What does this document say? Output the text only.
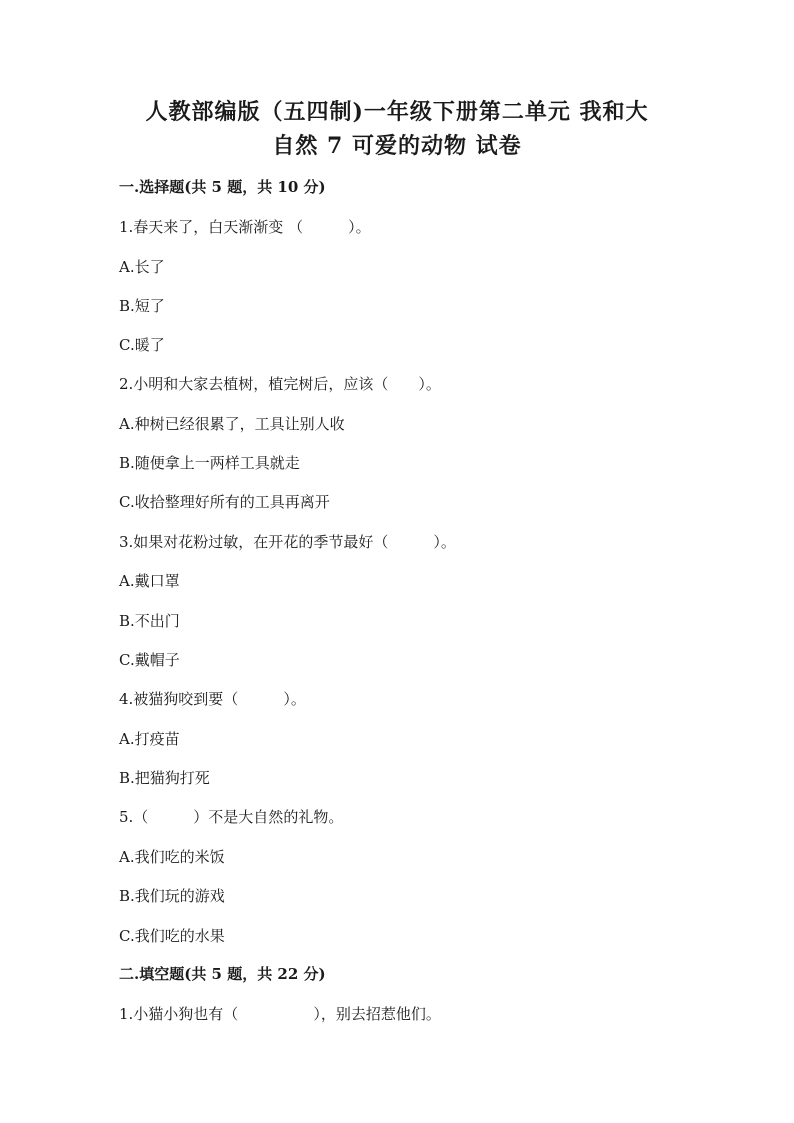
人教部编版（五四制)一年级下册第二单元 我和大
自然 7 可爱的动物 试卷
一.选择题(共 5 题，共 10 分)
1.春天来了，白天渐渐变 （　　　）。
A.长了
B.短了
C.暖了
2.小明和大家去植树，植完树后，应该（　　）。
A.种树已经很累了，工具让别人收
B.随便拿上一两样工具就走
C.收拾整理好所有的工具再离开
3.如果对花粉过敏，在开花的季节最好（　　　）。
A.戴口罩
B.不出门
C.戴帽子
4.被猫狗咬到要（　　　）。
A.打疫苗
B.把猫狗打死
5.（　　　）不是大自然的礼物。
A.我们吃的米饭
B.我们玩的游戏
C.我们吃的水果
二.填空题(共 5 题，共 22 分)
1.小猫小狗也有（　　　　　），别去招惹他们。
